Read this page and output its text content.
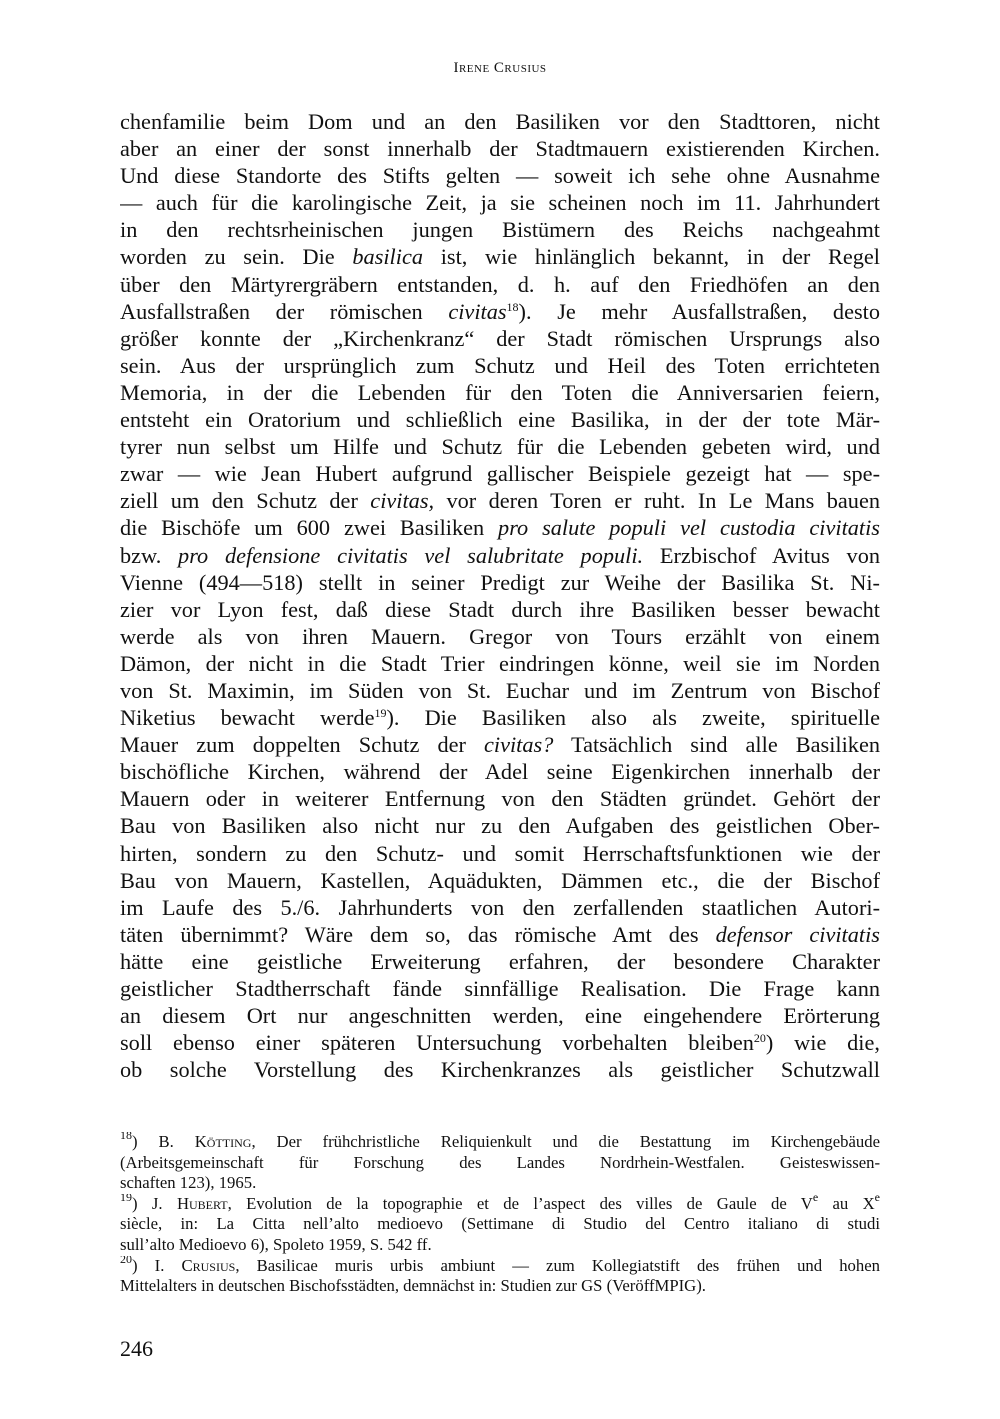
Irene Crusius
chenfamilie beim Dom und an den Basiliken vor den Stadttoren, nicht
aber an einer der sonst innerhalb der Stadtmauern existierenden Kirchen.
Und diese Standorte des Stifts gelten — soweit ich sehe ohne Ausnahme
— auch für die karolingische Zeit, ja sie scheinen noch im 11. Jahrhundert
in den rechtsrheinischen jungen Bistümern des Reichs nachgeahmt
worden zu sein. Die basilica ist, wie hinlänglich bekannt, in der Regel
über den Märtyrergräbern entstanden, d. h. auf den Friedhöfen an den
Ausfallstraßen der römischen civitas$^{18}$). Je mehr Ausfallstraßen, desto
größer konnte der „Kirchenkranz“ der Stadt römischen Ursprungs also
sein. Aus der ursprünglich zum Schutz und Heil des Toten errichteten
Memoria, in der die Lebenden für den Toten die Anniversarien feiern,
entsteht ein Oratorium und schließlich eine Basilika, in der der tote Mär-
tyrer nun selbst um Hilfe und Schutz für die Lebenden gebeten wird, und
zwar — wie Jean Hubert aufgrund gallischer Beispiele gezeigt hat — spe-
ziell um den Schutz der civitas, vor deren Toren er ruht. In Le Mans bauen
die Bischöfe um 600 zwei Basiliken pro salute populi vel custodia civitatis
bzw. pro defensione civitatis vel salubritate populi. Erzbischof Avitus von
Vienne (494—518) stellt in seiner Predigt zur Weihe der Basilika St. Ni-
zier vor Lyon fest, daß diese Stadt durch ihre Basiliken besser bewacht
werde als von ihren Mauern. Gregor von Tours erzählt von einem
Dämon, der nicht in die Stadt Trier eindringen könne, weil sie im Norden
von St. Maximin, im Süden von St. Euchar und im Zentrum von Bischof
Niketius bewacht werde$^{19}$). Die Basiliken also als zweite, spirituelle
Mauer zum doppelten Schutz der civitas? Tatsächlich sind alle Basiliken
bischöfliche Kirchen, während der Adel seine Eigenkirchen innerhalb der
Mauern oder in weiterer Entfernung von den Städten gründet. Gehört der
Bau von Basiliken also nicht nur zu den Aufgaben des geistlichen Ober-
hirten, sondern zu den Schutz- und somit Herrschaftsfunktionen wie der
Bau von Mauern, Kastellen, Aquädukten, Dämmen etc., die der Bischof
im Laufe des 5./6. Jahrhunderts von den zerfallenden staatlichen Autori-
täten übernimmt? Wäre dem so, das römische Amt des defensor civitatis
hätte eine geistliche Erweiterung erfahren, der besondere Charakter
geistlicher Stadtherrschaft fände sinnfällige Realisation. Die Frage kann
an diesem Ort nur angeschnitten werden, eine eingehendere Erörterung
soll ebenso einer späteren Untersuchung vorbehalten bleiben$^{20}$) wie die,
ob solche Vorstellung des Kirchenkranzes als geistlicher Schutzwall
$^{18}$) B. Kötting, Der frühchristliche Reliquienkult und die Bestattung im Kirchengebäude
(Arbeitsgemeinschaft für Forschung des Landes Nordrhein-Westfalen. Geisteswissen-
schaften 123), 1965.
$^{19}$) J. Hubert, Evolution de la topographie et de l’aspect des villes de Gaule de Ve au Xe
siècle, in: La Citta nell’alto medioevo (Settimane di Studio del Centro italiano di studi
sull’alto Medioevo 6), Spoleto 1959, S. 542 ff.
$^{20}$) I. Crusius, Basilicae muris urbis ambiunt — zum Kollegiatstift des frühen und hohen
Mittelalters in deutschen Bischofsstädten, demnächst in: Studien zur GS (VeröffMPIG).
246
